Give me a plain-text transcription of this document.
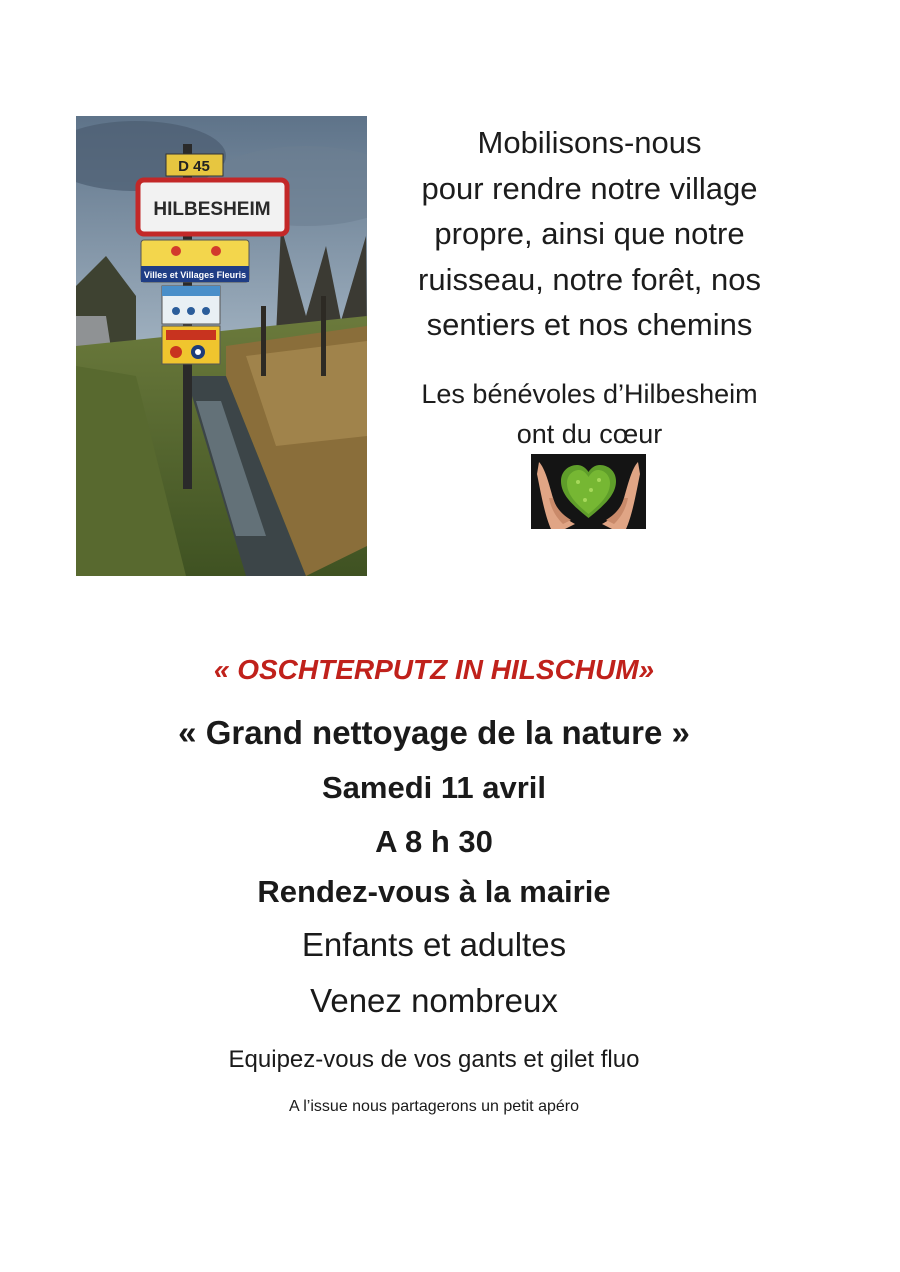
D 45
HILBESHEIM
Villes et Villages Fleuris
Mobilisons-nous
pour rendre notre village
propre, ainsi que notre
ruisseau, notre forêt, nos
sentiers et nos chemins
Les bénévoles d’Hilbesheim
ont du cœur
« OSCHTERPUTZ IN HILSCHUM»
« Grand nettoyage de la nature »
Samedi 11 avril
A 8 h 30
Rendez-vous à la mairie
Enfants et adultes
Venez nombreux
Equipez-vous de vos gants et gilet fluo
A l’issue nous partagerons un petit apéro
